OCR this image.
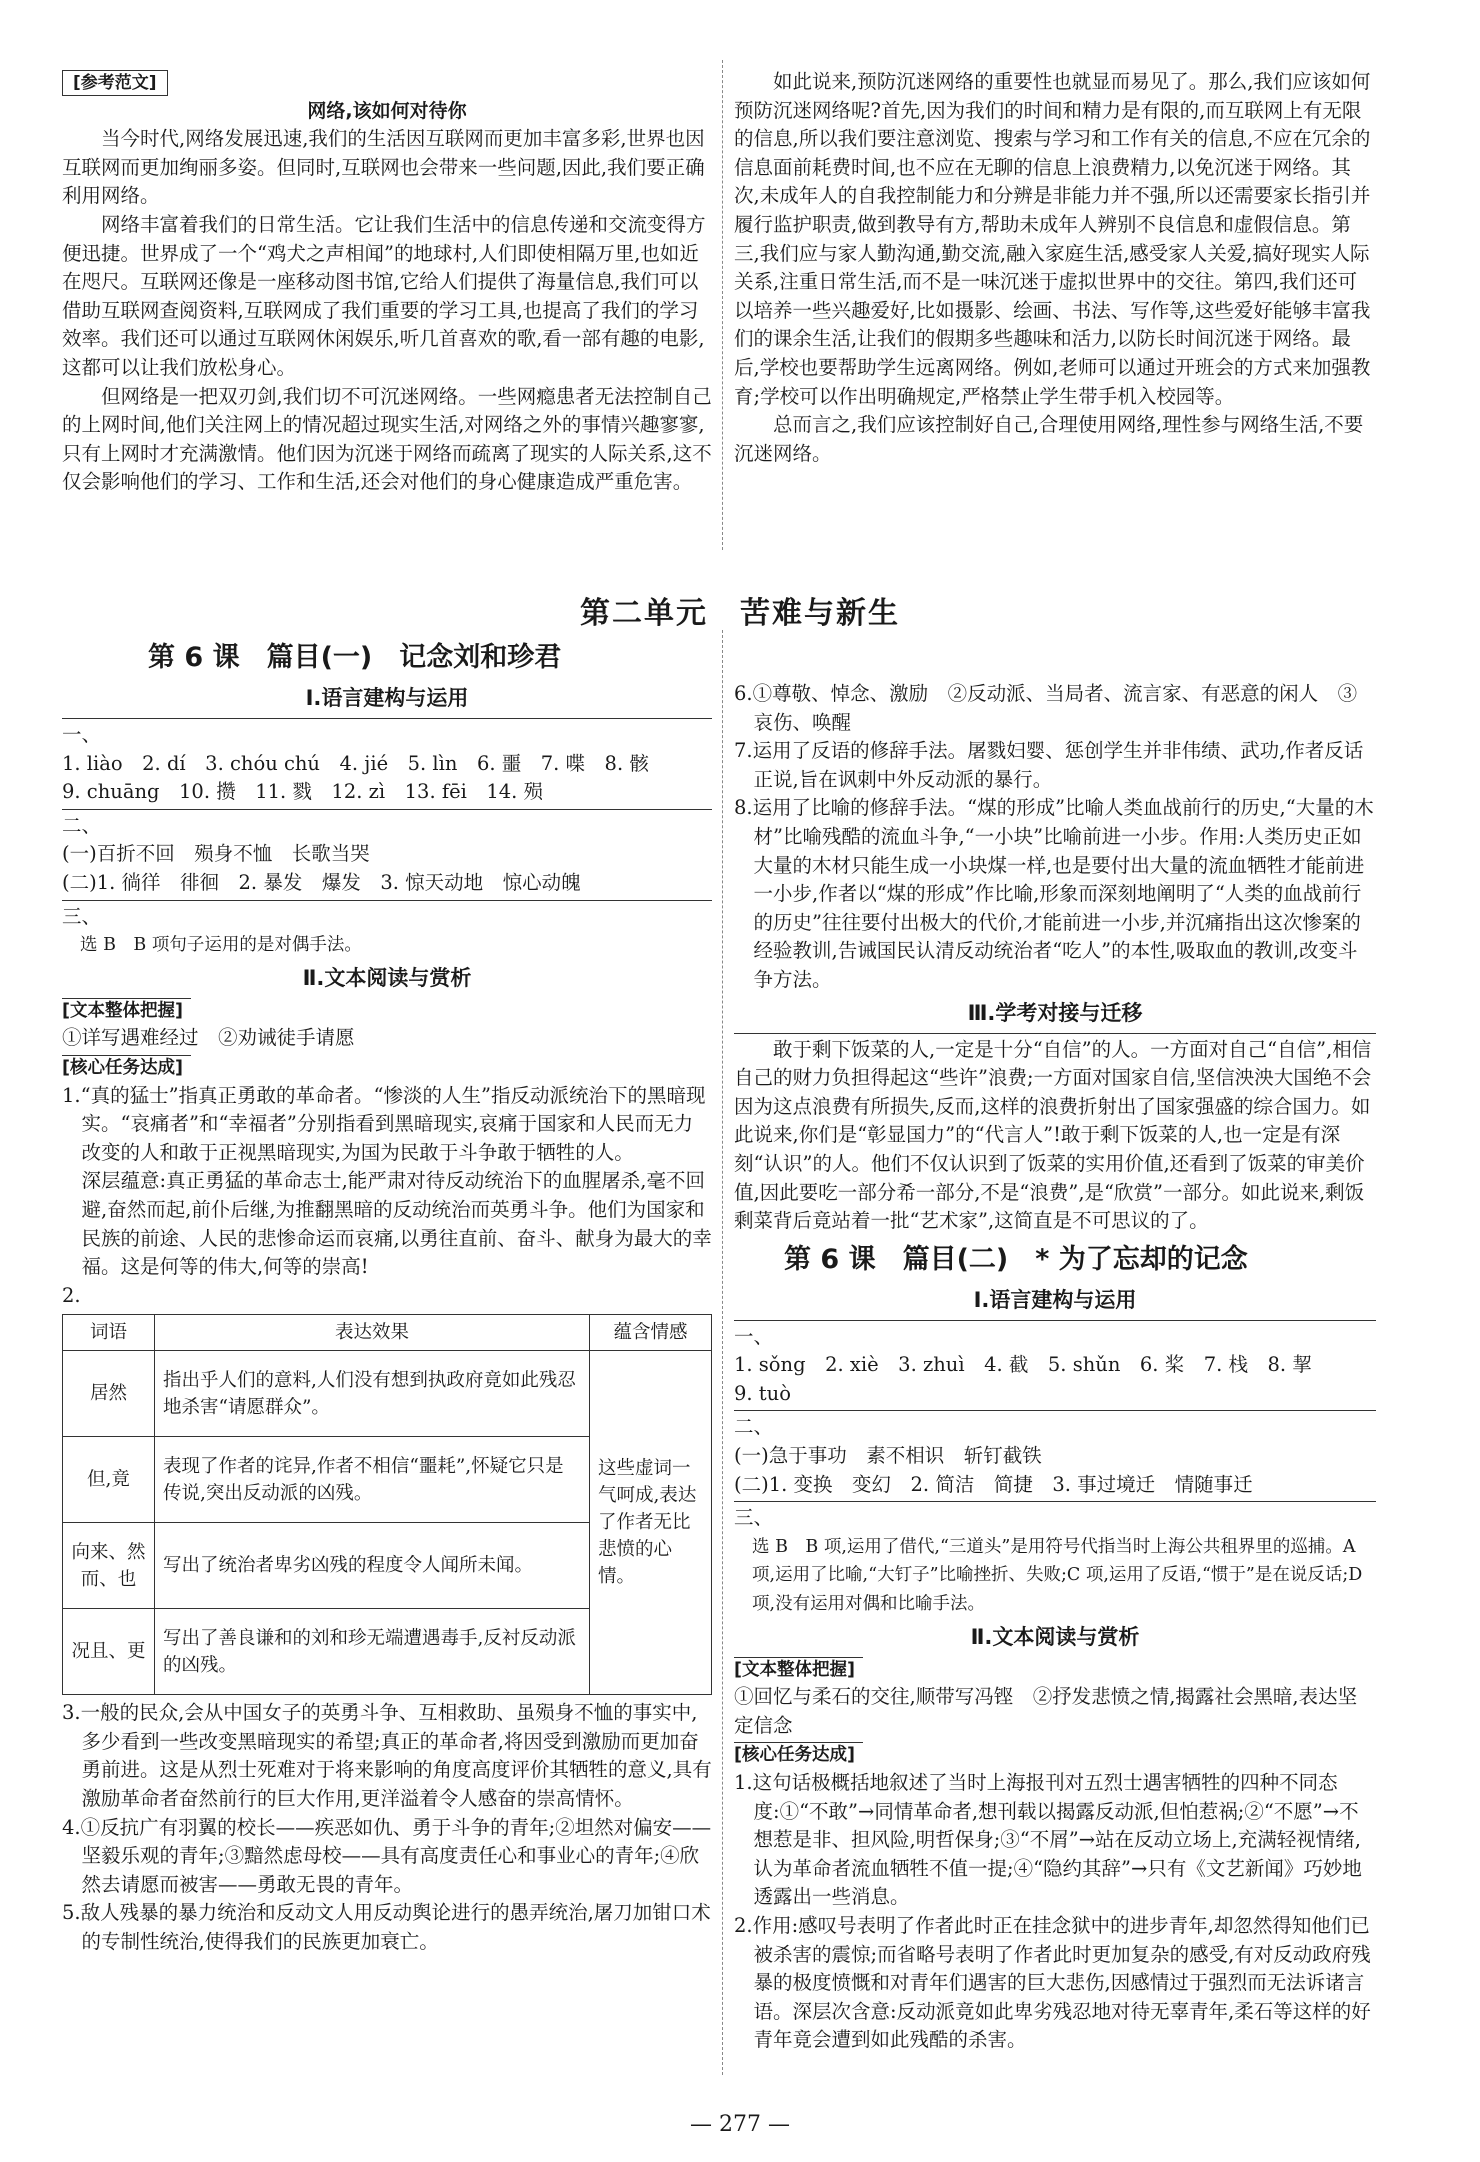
[参考范文]

网络,该如何对待你

当今时代,网络发展迅速,我们的生活因互联网而更加丰富多彩,世界也因互联网而更加绚丽多姿。但同时,互联网也会带来一些问题,因此,我们要正确利用网络。

网络丰富着我们的日常生活。它让我们生活中的信息传递和交流变得方便迅捷。世界成了一个“鸡犬之声相闻”的地球村,人们即使相隔万里,也如近在咫尺。互联网还像是一座移动图书馆,它给人们提供了海量信息,我们可以借助互联网查阅资料,互联网成了我们重要的学习工具,也提高了我们的学习效率。我们还可以通过互联网休闲娱乐,听几首喜欢的歌,看一部有趣的电影,这都可以让我们放松身心。

但网络是一把双刃剑,我们切不可沉迷网络。一些网瘾患者无法控制自己的上网时间,他们关注网上的情况超过现实生活,对网络之外的事情兴趣寥寥,只有上网时才充满激情。他们因为沉迷于网络而疏离了现实的人际关系,这不仅会影响他们的学习、工作和生活,还会对他们的身心健康造成严重危害。

如此说来,预防沉迷网络的重要性也就显而易见了。那么,我们应该如何预防沉迷网络呢?首先,因为我们的时间和精力是有限的,而互联网上有无限的信息,所以我们要注意浏览、搜索与学习和工作有关的信息,不应在冗余的信息面前耗费时间,也不应在无聊的信息上浪费精力,以免沉迷于网络。其次,未成年人的自我控制能力和分辨是非能力并不强,所以还需要家长指引并履行监护职责,做到教导有方,帮助未成年人辨别不良信息和虚假信息。第三,我们应与家人勤沟通,勤交流,融入家庭生活,感受家人关爱,搞好现实人际关系,注重日常生活,而不是一味沉迷于虚拟世界中的交往。第四,我们还可以培养一些兴趣爱好,比如摄影、绘画、书法、写作等,这些爱好能够丰富我们的课余生活,让我们的假期多些趣味和活力,以防长时间沉迷于网络。最后,学校也要帮助学生远离网络。例如,老师可以通过开班会的方式来加强教育;学校可以作出明确规定,严格禁止学生带手机入校园等。

总而言之,我们应该控制好自己,合理使用网络,理性参与网络生活,不要沉迷网络。

第二单元　苦难与新生

第 6 课　篇目(一)　记念刘和珍君

Ⅰ.语言建构与运用

一、

1. liào　2. dí　3. chóu chú　4. jié　5. lìn　6. 噩　7. 喋　8. 骸

9. chuāng　10. 攒　11. 戮　12. zì　13. fēi　14. 殒

二、

(一)百折不回　殒身不恤　长歌当哭

(二)1. 徜徉　徘徊　2. 暴发　爆发　3. 惊天动地　惊心动魄

三、

选 B　B 项句子运用的是对偶手法。

Ⅱ.文本阅读与赏析

[文本整体把握]

①详写遇难经过　②劝诫徒手请愿

[核心任务达成]

1.“真的猛士”指真正勇敢的革命者。“惨淡的人生”指反动派统治下的黑暗现实。“哀痛者”和“幸福者”分别指看到黑暗现实,哀痛于国家和人民而无力改变的人和敢于正视黑暗现实,为国为民敢于斗争敢于牺牲的人。

深层蕴意:真正勇猛的革命志士,能严肃对待反动统治下的血腥屠杀,毫不回避,奋然而起,前仆后继,为推翻黑暗的反动统治而英勇斗争。他们为国家和民族的前途、人民的悲惨命运而哀痛,以勇往直前、奋斗、献身为最大的幸福。这是何等的伟大,何等的崇高!

2.

词语	表达效果	蕴含情感
居然	指出乎人们的意料,人们没有想到执政府竟如此残忍地杀害“请愿群众”。	这些虚词一气呵成,表达了作者无比悲愤的心情。
但,竟	表现了作者的诧异,作者不相信“噩耗”,怀疑它只是传说,突出反动派的凶残。	
向来、然而、也	写出了统治者卑劣凶残的程度令人闻所未闻。	
况且、更	写出了善良谦和的刘和珍无端遭遇毒手,反衬反动派的凶残。	

3.一般的民众,会从中国女子的英勇斗争、互相救助、虽殒身不恤的事实中,多少看到一些改变黑暗现实的希望;真正的革命者,将因受到激励而更加奋勇前进。这是从烈士死难对于将来影响的角度高度评价其牺牲的意义,具有激励革命者奋然前行的巨大作用,更洋溢着令人感奋的崇高情怀。

4.①反抗广有羽翼的校长——疾恶如仇、勇于斗争的青年;②坦然对偏安——坚毅乐观的青年;③黯然虑母校——具有高度责任心和事业心的青年;④欣然去请愿而被害——勇敢无畏的青年。

5.敌人残暴的暴力统治和反动文人用反动舆论进行的愚弄统治,屠刀加钳口术的专制性统治,使得我们的民族更加衰亡。

6.①尊敬、悼念、激励　②反动派、当局者、流言家、有恶意的闲人　③哀伤、唤醒

7.运用了反语的修辞手法。屠戮妇婴、惩创学生并非伟绩、武功,作者反话正说,旨在讽刺中外反动派的暴行。

8.运用了比喻的修辞手法。“煤的形成”比喻人类血战前行的历史,“大量的木材”比喻残酷的流血斗争,“一小块”比喻前进一小步。作用:人类历史正如大量的木材只能生成一小块煤一样,也是要付出大量的流血牺牲才能前进一小步,作者以“煤的形成”作比喻,形象而深刻地阐明了“人类的血战前行的历史”往往要付出极大的代价,才能前进一小步,并沉痛指出这次惨案的经验教训,告诫国民认清反动统治者“吃人”的本性,吸取血的教训,改变斗争方法。

Ⅲ.学考对接与迁移

敢于剩下饭菜的人,一定是十分“自信”的人。一方面对自己“自信”,相信自己的财力负担得起这“些许”浪费;一方面对国家自信,坚信泱泱大国绝不会因为这点浪费有所损失,反而,这样的浪费折射出了国家强盛的综合国力。如此说来,你们是“彰显国力”的“代言人”!敢于剩下饭菜的人,也一定是有深刻“认识”的人。他们不仅认识到了饭菜的实用价值,还看到了饭菜的审美价值,因此要吃一部分希一部分,不是“浪费”,是“欣赏”一部分。如此说来,剩饭剩菜背后竟站着一批“艺术家”,这简直是不可思议的了。

第 6 课　篇目(二)　* 为了忘却的记念

Ⅰ.语言建构与运用

一、

1. sǒng　2. xiè　3. zhuì　4. 截　5. shǔn　6. 桨　7. 栈　8. 挈

9. tuò

二、

(一)急于事功　素不相识　斩钉截铁

(二)1. 变换　变幻　2. 简洁　简捷　3. 事过境迁　情随事迁

三、

选 B　B 项,运用了借代,“三道头”是用符号代指当时上海公共租界里的巡捕。A 项,运用了比喻,“大钉子”比喻挫折、失败;C 项,运用了反语,“惯于”是在说反话;D 项,没有运用对偶和比喻手法。

Ⅱ.文本阅读与赏析

[文本整体把握]

①回忆与柔石的交往,顺带写冯铿　②抒发悲愤之情,揭露社会黑暗,表达坚定信念

[核心任务达成]

1.这句话极概括地叙述了当时上海报刊对五烈士遇害牺牲的四种不同态度:①“不敢”→同情革命者,想刊载以揭露反动派,但怕惹祸;②“不愿”→不想惹是非、担风险,明哲保身;③“不屑”→站在反动立场上,充满轻视情绪,认为革命者流血牺牲不值一提;④“隐约其辞”→只有《文艺新闻》巧妙地透露出一些消息。

2.作用:感叹号表明了作者此时正在挂念狱中的进步青年,却忽然得知他们已被杀害的震惊;而省略号表明了作者此时更加复杂的感受,有对反动政府残暴的极度愤慨和对青年们遇害的巨大悲伤,因感情过于强烈而无法诉诸言语。深层次含意:反动派竟如此卑劣残忍地对待无辜青年,柔石等这样的好青年竟会遭到如此残酷的杀害。

— 277 —
